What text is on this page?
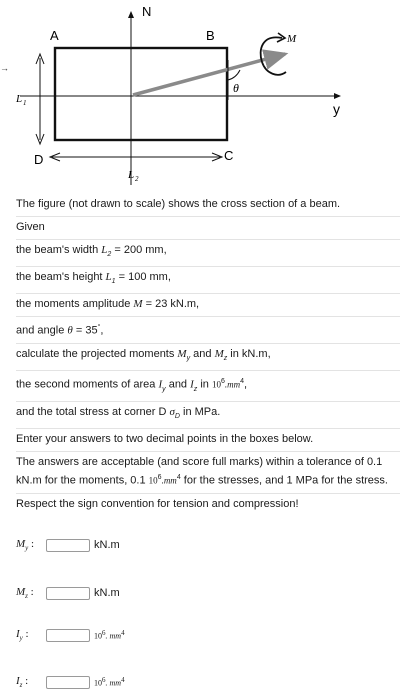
N
A	B
C
D
y
M
θ
L 1
L 2
→
The figure (not drawn to scale) shows the cross section of a beam.
Given
the beam's width $L_2 = 200$ mm,
the beam's height $L_1 = 100$ mm,
the moments amplitude M = 23 kN.m,
and angle θ = 35°,
calculate the projected moments $M_y$ and $M_z$ in kN.m,
the second moments of area $I_y$ and $I_z$ in $10^6.mm^4$,
and the total stress at corner D $\sigma_D$ in MPa.
Enter your answers to two decimal points in the boxes below.
The answers are acceptable (and score full marks) within a tolerance of 0.1 kN.m for the moments, 0.1 $10^6.mm^4$ for the stresses, and 1 MPa for the stress.
Respect the sign convention for tension and compression!
$M_y$ :	kN.m
$M_z$ :	kN.m
$I_y$ :	106. mm4
$I_z$ :	106. mm4
